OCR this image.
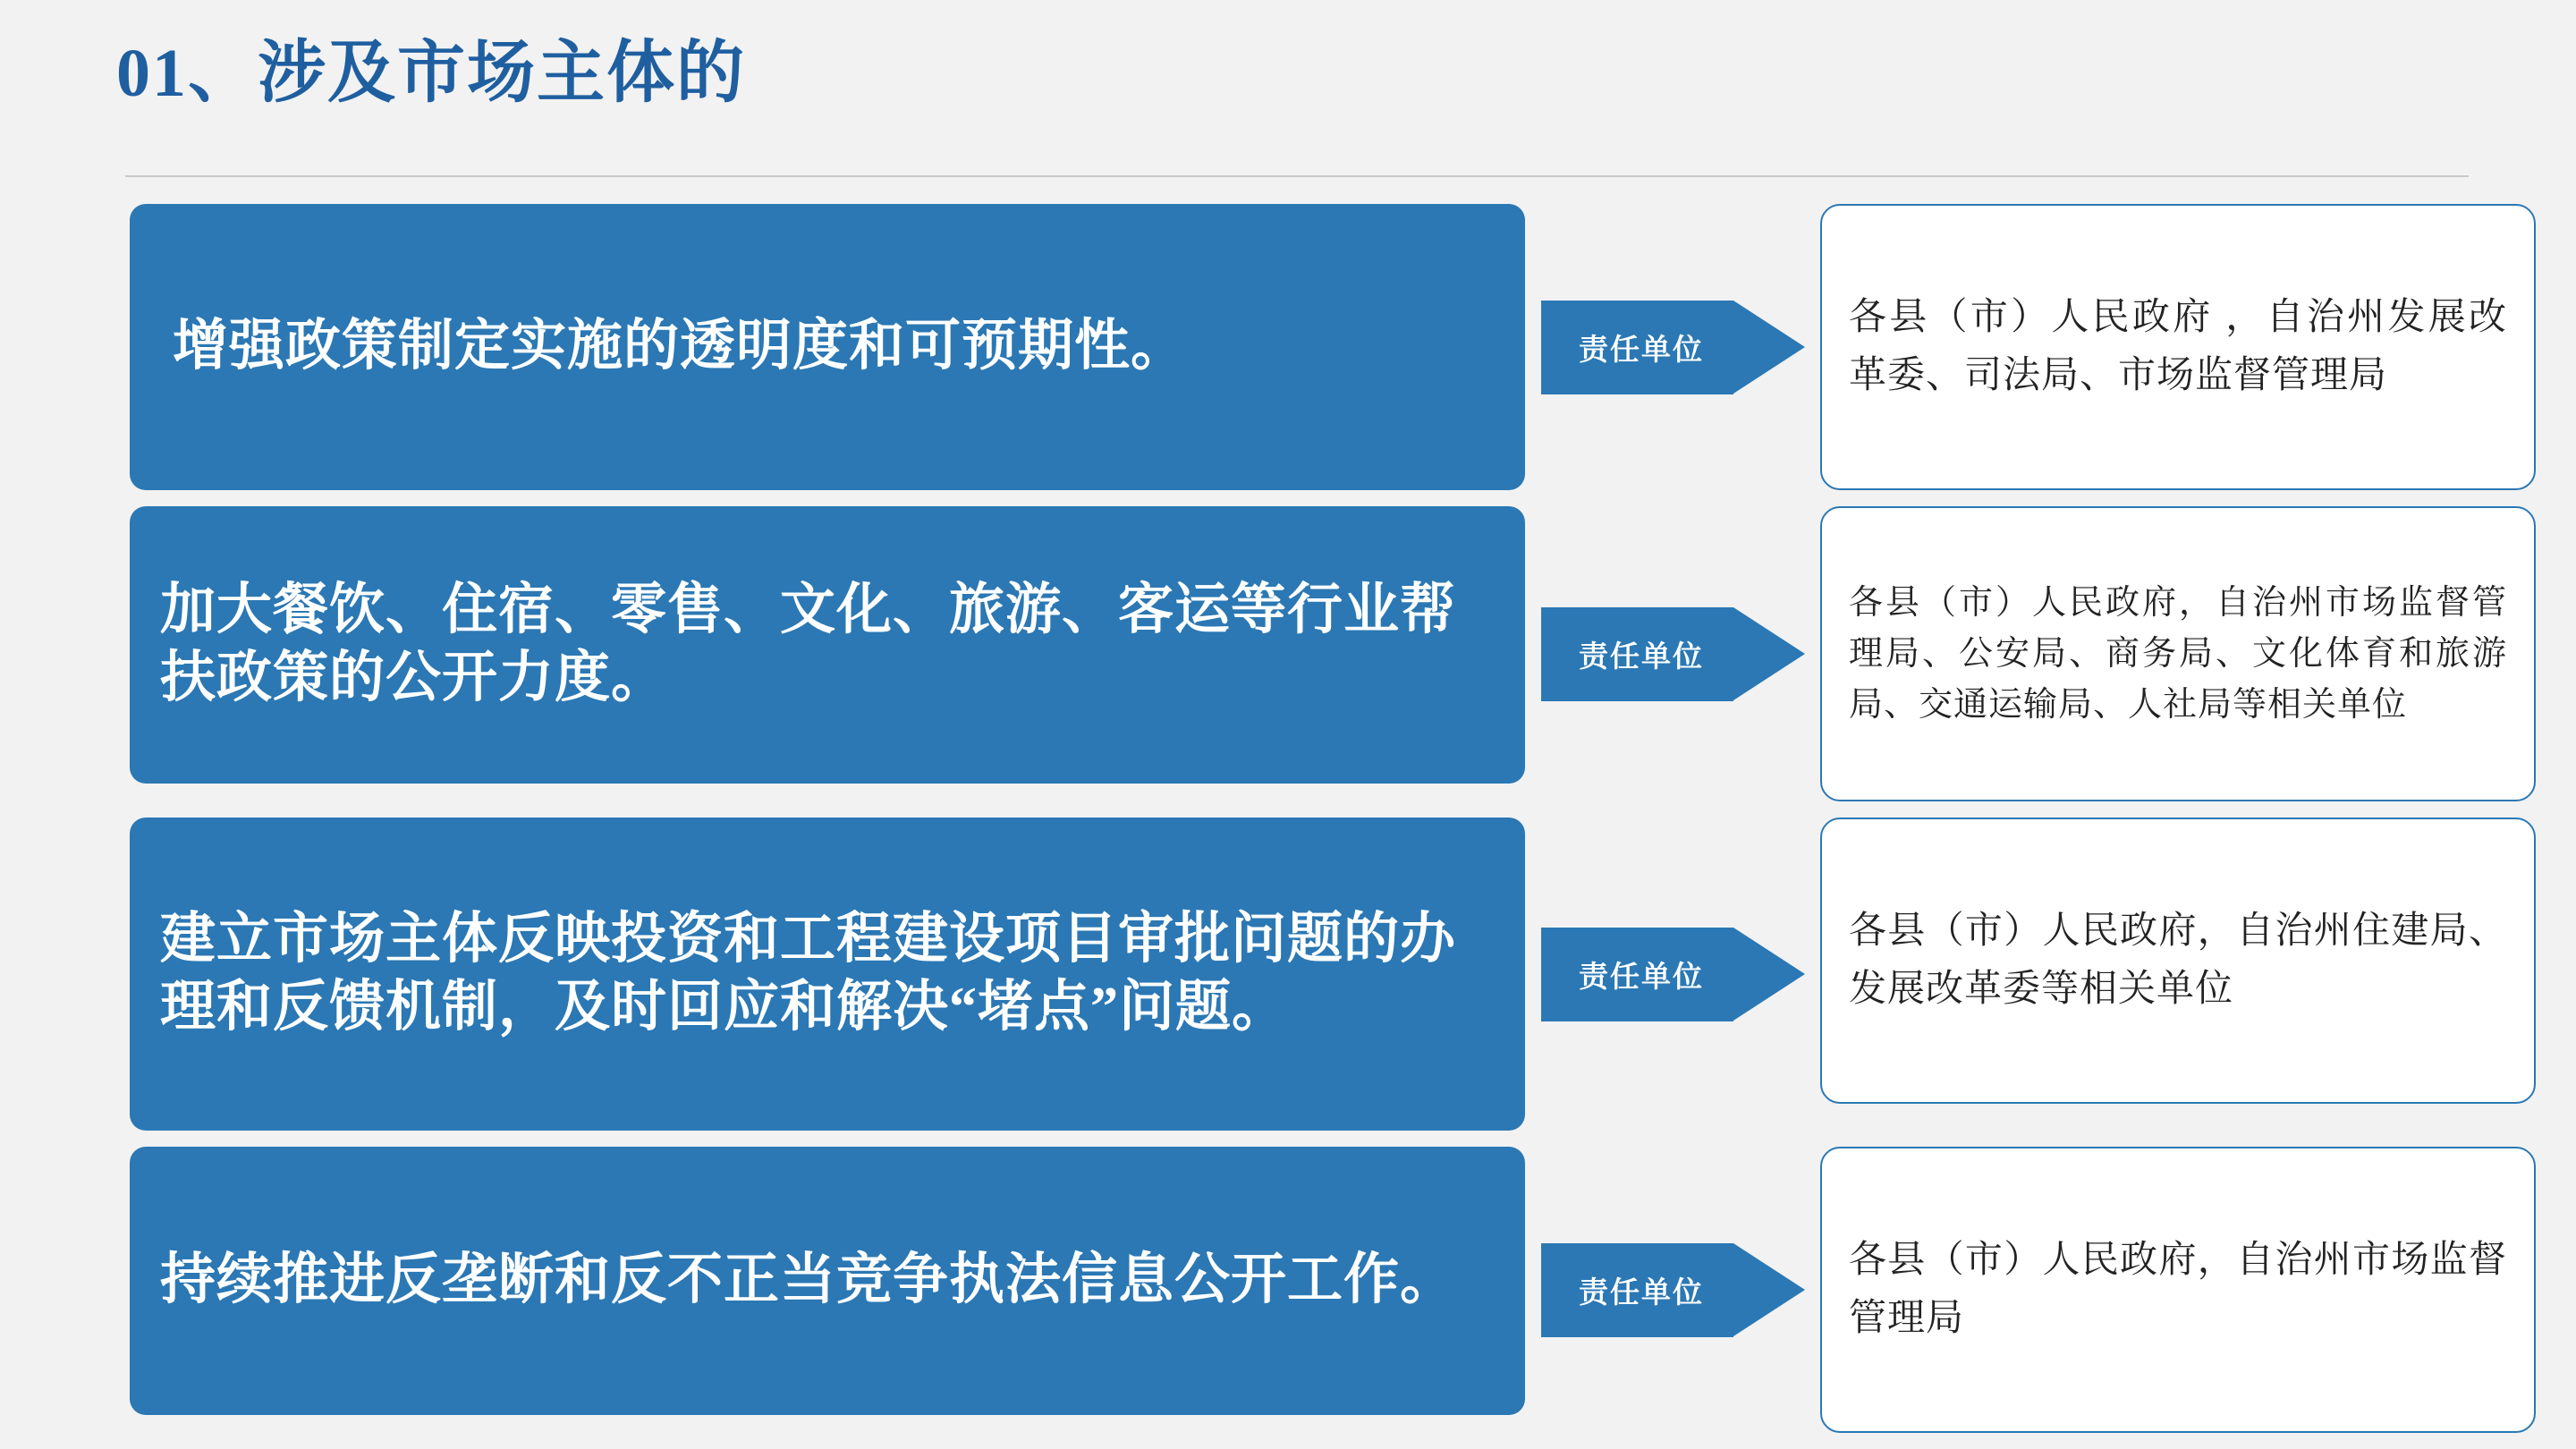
01、涉及市场主体的
增强政策制定实施的透明度和可预期性。	责任单位
各县（市）人民政府 ，自治州发展改革委、司法局、市场监督管理局
加大餐饮、住宿、零售、文化、旅游、客运等行业帮扶政策的公开力度。	责任单位
各县（市）人民政府，自治州市场监督管理局、公安局、商务局、文化体育和旅游局、交通运输局、人社局等相关单位
建立市场主体反映投资和工程建设项目审批问题的办理和反馈机制，及时回应和解决“堵点”问题。	责任单位
各县（市）人民政府，自治州住建局、发展改革委等相关单位
持续推进反垄断和反不正当竞争执法信息公开工作。	责任单位
各县（市）人民政府，自治州市场监督管理局
